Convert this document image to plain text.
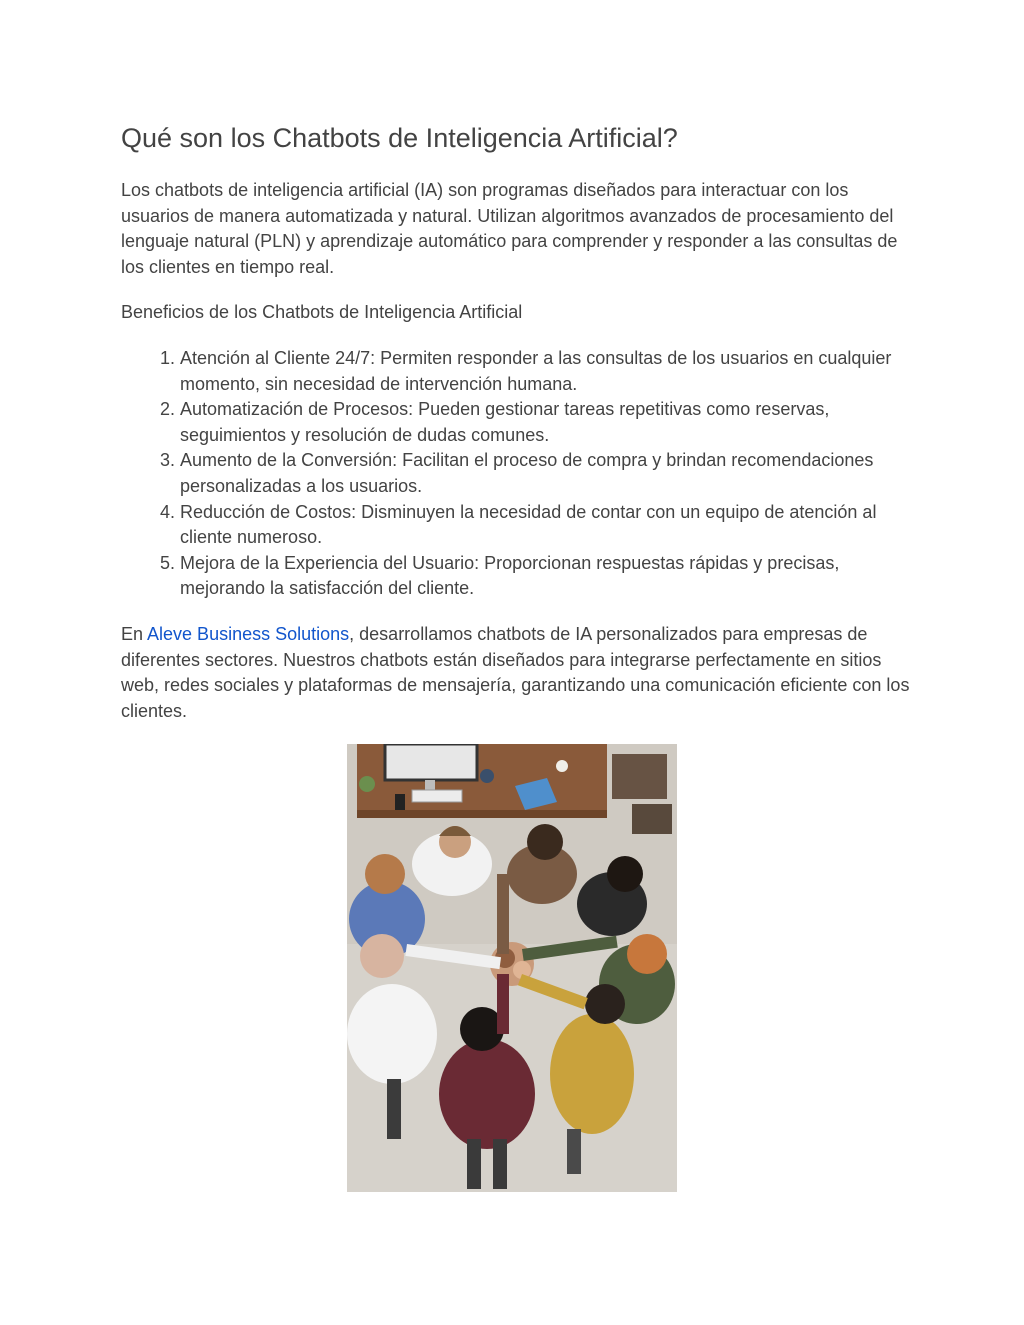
Qué son los Chatbots de Inteligencia Artificial?

Los chatbots de inteligencia artificial (IA) son programas diseñados para interactuar con los usuarios de manera automatizada y natural. Utilizan algoritmos avanzados de procesamiento del lenguaje natural (PLN) y aprendizaje automático para comprender y responder a las consultas de los clientes en tiempo real.

Beneficios de los Chatbots de Inteligencia Artificial

1. Atención al Cliente 24/7: Permiten responder a las consultas de los usuarios en cualquier momento, sin necesidad de intervención humana.
2. Automatización de Procesos: Pueden gestionar tareas repetitivas como reservas, seguimientos y resolución de dudas comunes.
3. Aumento de la Conversión: Facilitan el proceso de compra y brindan recomendaciones personalizadas a los usuarios.
4. Reducción de Costos: Disminuyen la necesidad de contar con un equipo de atención al cliente numeroso.
5. Mejora de la Experiencia del Usuario: Proporcionan respuestas rápidas y precisas, mejorando la satisfacción del cliente.

En Aleve Business Solutions, desarrollamos chatbots de IA personalizados para empresas de diferentes sectores. Nuestros chatbots están diseñados para integrarse perfectamente en sitios web, redes sociales y plataformas de mensajería, garantizando una comunicación eficiente con los clientes.
